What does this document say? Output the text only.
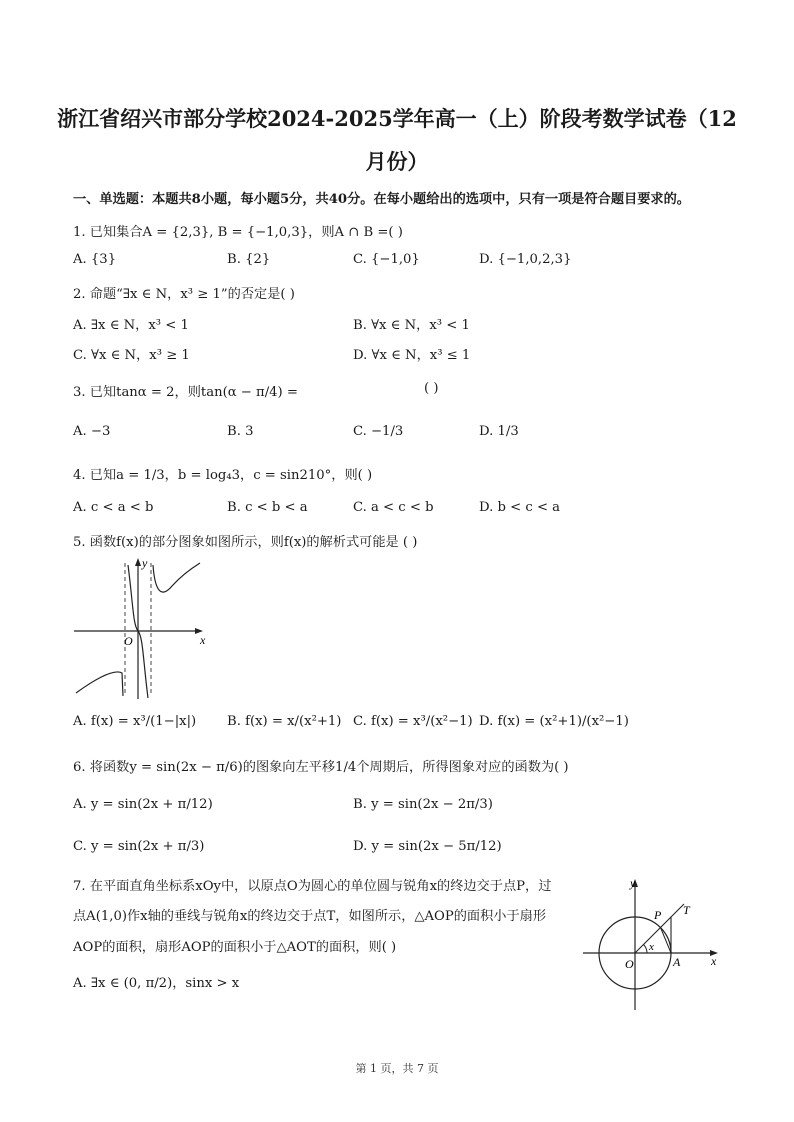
浙江省绍兴市部分学校2024-2025学年高一（上）阶段考数学试卷（12
月份）
一、单选题：本题共8小题，每小题5分，共40分。在每小题给出的选项中，只有一项是符合题目要求的。
1. 已知集合A = {2,3}, B = {−1,0,3}，则A ∩ B =( )
A. {3}	B. {2}	C. {−1,0}	D. {−1,0,2,3}
2. 命题“∃x ∈ N，x³ ≥ 1”的否定是( )
A. ∃x ∈ N，x³ < 1	B. ∀x ∈ N，x³ < 1
C. ∀x ∈ N，x³ ≥ 1	D. ∀x ∈ N，x³ ≤ 1
3. 已知tanα = 2，则tan(α − π/4) =	( )
A. −3	B. 3	C. −1/3	D. 1/3
4. 已知a = 1/3，b = log₄3，c = sin210°，则( )
A. c < a < b	B. c < b < a	C. a < c < b	D. b < c < a
5. 函数f(x)的部分图象如图所示，则f(x)的解析式可能是 ( )
y
x
O
A. f(x) = x³/(1−|x|) B. f(x) = x/(x²+1) C. f(x) = x³/(x²−1) D. f(x) = (x²+1)/(x²−1)
6. 将函数y = sin(2x − π/6)的图象向左平移1/4个周期后，所得图象对应的函数为( )
A. y = sin(2x + π/12)	B. y = sin(2x − 2π/3)
C. y = sin(2x + π/3)	D. y = sin(2x − 5π/12)
7. 在平面直角坐标系xOy中，以原点O为圆心的单位圆与锐角x的终边交于点P，过
点A(1,0)作x轴的垂线与锐角x的终边交于点T，如图所示，△AOP的面积小于扇形
AOP的面积，扇形AOP的面积小于△AOT的面积，则( )
A. ∃x ∈ (0, π/2)，sinx > x
y
x
O
P T
A
x
第 1 页，共 7 页
